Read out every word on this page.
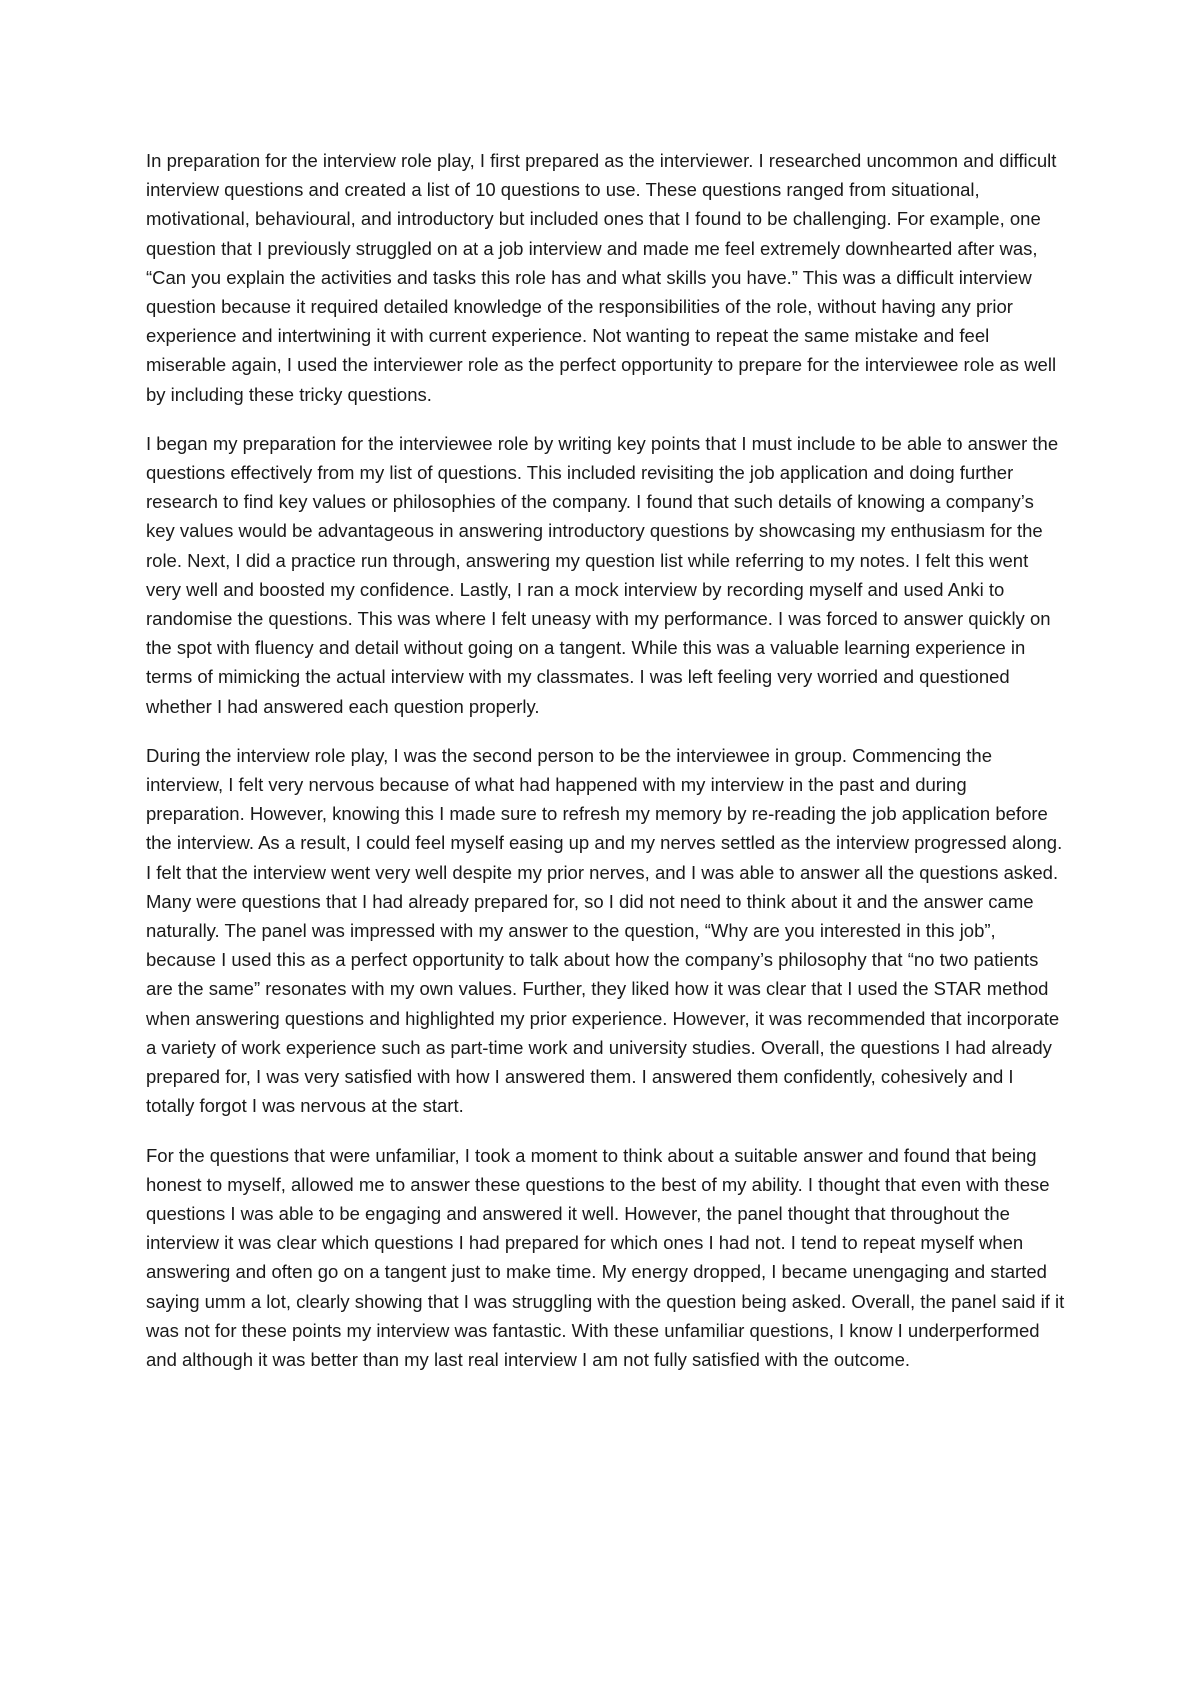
In preparation for the interview role play, I first prepared as the interviewer. I researched uncommon and difficult interview questions and created a list of 10 questions to use. These questions ranged from situational, motivational, behavioural, and introductory but included ones that I found to be challenging. For example, one question that I previously struggled on at a job interview and made me feel extremely downhearted after was, “Can you explain the activities and tasks this role has and what skills you have.” This was a difficult interview question because it required detailed knowledge of the responsibilities of the role, without having any prior experience and intertwining it with current experience. Not wanting to repeat the same mistake and feel miserable again, I used the interviewer role as the perfect opportunity to prepare for the interviewee role as well by including these tricky questions.

I began my preparation for the interviewee role by writing key points that I must include to be able to answer the questions effectively from my list of questions. This included revisiting the job application and doing further research to find key values or philosophies of the company. I found that such details of knowing a company’s key values would be advantageous in answering introductory questions by showcasing my enthusiasm for the role. Next, I did a practice run through, answering my question list while referring to my notes. I felt this went very well and boosted my confidence. Lastly, I ran a mock interview by recording myself and used Anki to randomise the questions. This was where I felt uneasy with my performance. I was forced to answer quickly on the spot with fluency and detail without going on a tangent. While this was a valuable learning experience in terms of mimicking the actual interview with my classmates. I was left feeling very worried and questioned whether I had answered each question properly.

During the interview role play, I was the second person to be the interviewee in group. Commencing the interview, I felt very nervous because of what had happened with my interview in the past and during preparation. However, knowing this I made sure to refresh my memory by re-reading the job application before the interview. As a result, I could feel myself easing up and my nerves settled as the interview progressed along. I felt that the interview went very well despite my prior nerves, and I was able to answer all the questions asked. Many were questions that I had already prepared for, so I did not need to think about it and the answer came naturally. The panel was impressed with my answer to the question, “Why are you interested in this job”, because I used this as a perfect opportunity to talk about how the company’s philosophy that “no two patients are the same” resonates with my own values. Further, they liked how it was clear that I used the STAR method when answering questions and highlighted my prior experience. However, it was recommended that incorporate a variety of work experience such as part-time work and university studies. Overall, the questions I had already prepared for, I was very satisfied with how I answered them. I answered them confidently, cohesively and I totally forgot I was nervous at the start.

For the questions that were unfamiliar, I took a moment to think about a suitable answer and found that being honest to myself, allowed me to answer these questions to the best of my ability. I thought that even with these questions I was able to be engaging and answered it well. However, the panel thought that throughout the interview it was clear which questions I had prepared for which ones I had not. I tend to repeat myself when answering and often go on a tangent just to make time. My energy dropped, I became unengaging and started saying umm a lot, clearly showing that I was struggling with the question being asked. Overall, the panel said if it was not for these points my interview was fantastic. With these unfamiliar questions, I know I underperformed and although it was better than my last real interview I am not fully satisfied with the outcome.
